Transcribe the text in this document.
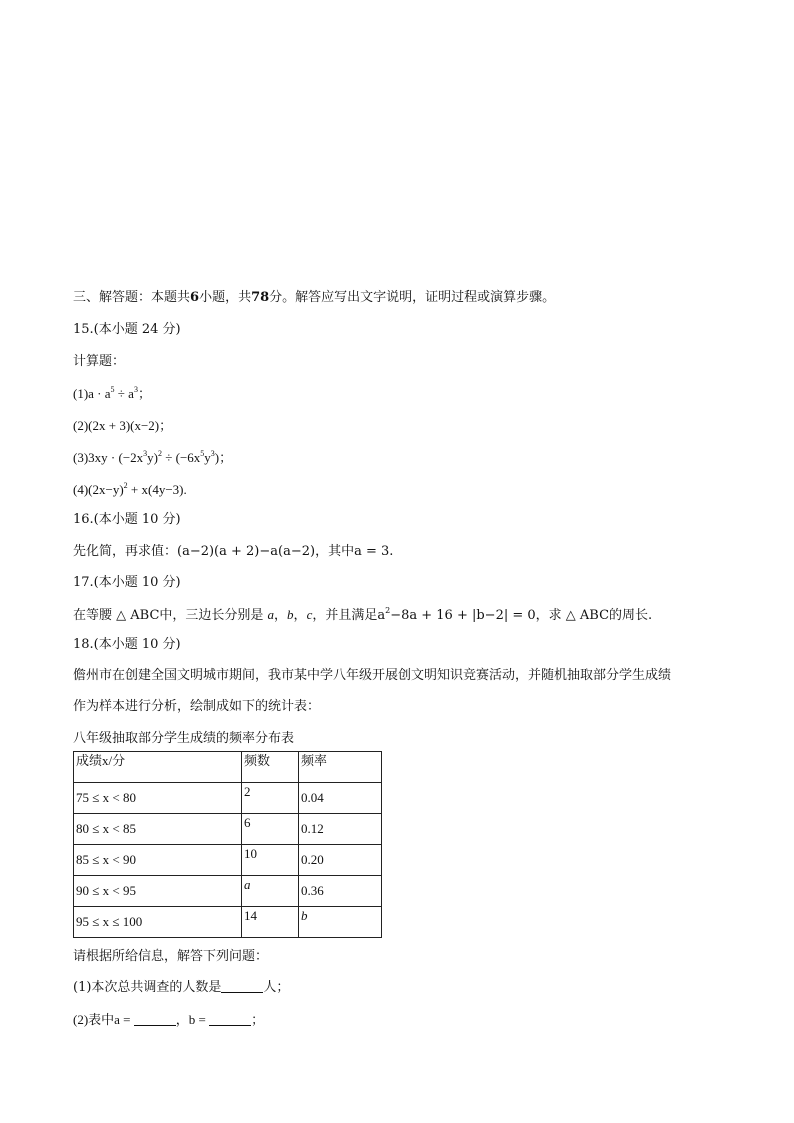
三、解答题：本题共6小题，共78分。解答应写出文字说明，证明过程或演算步骤。
15.(本小题 24 分)
计算题：
$(1)a \cdot a^5 \div a^3$；
(2)(2x + 3)(x−2)；
$(3)3xy \cdot (-2x^3y)^2 \div (-6x^5y^3)$；
$(4)(2x-y)^2 + x(4y-3)$.
16.(本小题 10 分)
先化简，再求值：(a−2)(a + 2)−a(a−2)，其中a = 3.
17.(本小题 10 分)
在等腰 △ ABC中，三边长分别是 a，b，c，并且满足$a^2-8a + 16 + |b-2| = 0$，求 △ ABC的周长.
18.(本小题 10 分)
儋州市在创建全国文明城市期间，我市某中学八年级开展创文明知识竞赛活动，并随机抽取部分学生成绩
作为样本进行分析，绘制成如下的统计表：
八年级抽取部分学生成绩的频率分布表
成绩x/分	频数	频率
75 ≤ x < 80	2	0.04
80 ≤ x < 85	6	0.12
85 ≤ x < 90	10	0.20
90 ≤ x < 95	a	0.36
95 ≤ x ≤ 100	14	b
请根据所给信息，解答下列问题：
(1)本次总共调查的人数是	人；
(2)表中a =	，b =	；
